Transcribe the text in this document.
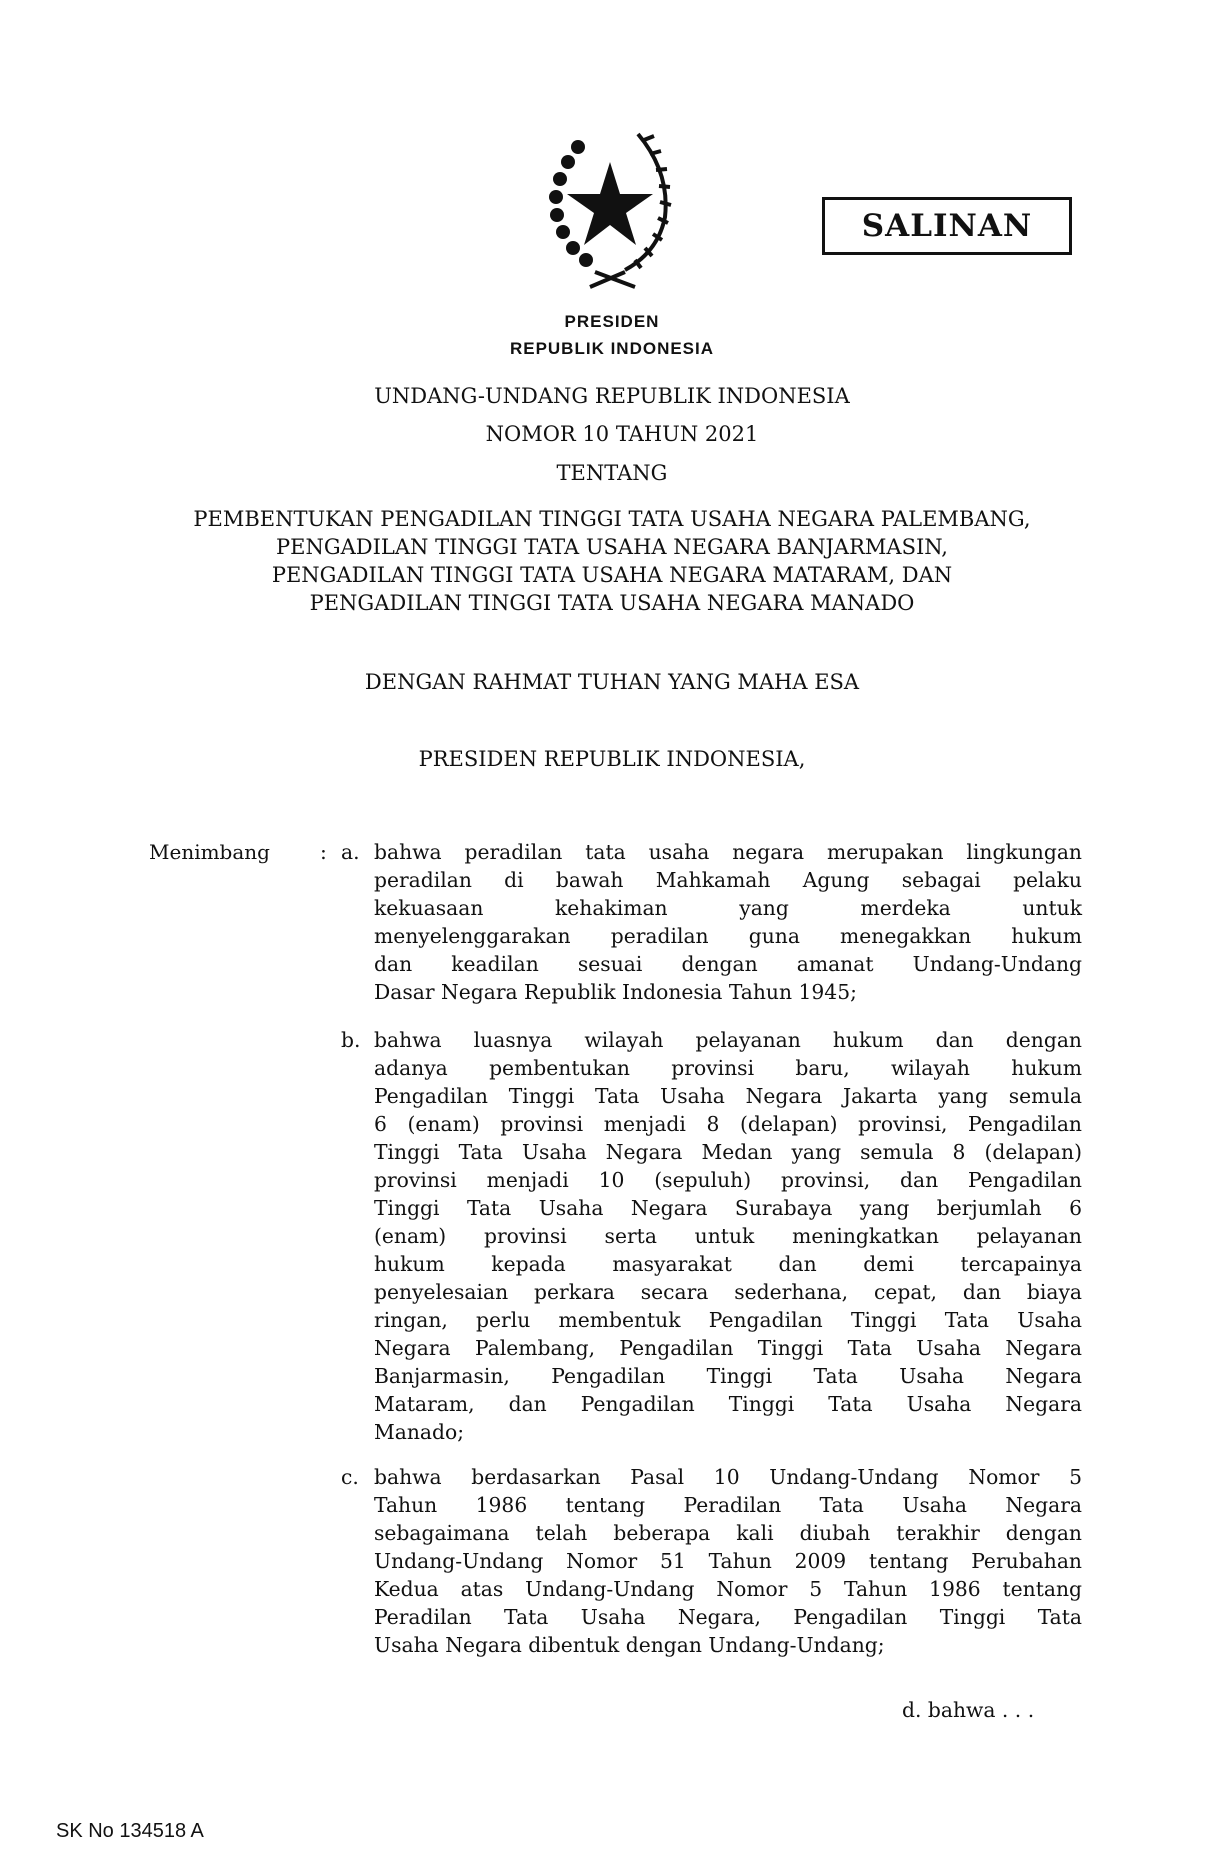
SALINAN
PRESIDEN
REPUBLIK INDONESIA
UNDANG-UNDANG REPUBLIK INDONESIA
NOMOR 10 TAHUN 2021
TENTANG
PEMBENTUKAN PENGADILAN TINGGI TATA USAHA NEGARA PALEMBANG,
PENGADILAN TINGGI TATA USAHA NEGARA BANJARMASIN,
PENGADILAN TINGGI TATA USAHA NEGARA MATARAM, DAN
PENGADILAN TINGGI TATA USAHA NEGARA MANADO
DENGAN RAHMAT TUHAN YANG MAHA ESA
PRESIDEN REPUBLIK INDONESIA,
Menimbang : a. bahwa peradilan tata usaha negara merupakan lingkungan
peradilan di bawah Mahkamah Agung sebagai pelaku
kekuasaan kehakiman yang merdeka untuk
menyelenggarakan peradilan guna menegakkan hukum
dan keadilan sesuai dengan amanat Undang-Undang
Dasar Negara Republik Indonesia Tahun 1945;
b. bahwa luasnya wilayah pelayanan hukum dan dengan
adanya pembentukan provinsi baru, wilayah hukum
Pengadilan Tinggi Tata Usaha Negara Jakarta yang semula
6 (enam) provinsi menjadi 8 (delapan) provinsi, Pengadilan
Tinggi Tata Usaha Negara Medan yang semula 8 (delapan)
provinsi menjadi 10 (sepuluh) provinsi, dan Pengadilan
Tinggi Tata Usaha Negara Surabaya yang berjumlah 6
(enam) provinsi serta untuk meningkatkan pelayanan
hukum kepada masyarakat dan demi tercapainya
penyelesaian perkara secara sederhana, cepat, dan biaya
ringan, perlu membentuk Pengadilan Tinggi Tata Usaha
Negara Palembang, Pengadilan Tinggi Tata Usaha Negara
Banjarmasin, Pengadilan Tinggi Tata Usaha Negara
Mataram, dan Pengadilan Tinggi Tata Usaha Negara
Manado;
c. bahwa berdasarkan Pasal 10 Undang-Undang Nomor 5
Tahun 1986 tentang Peradilan Tata Usaha Negara
sebagaimana telah beberapa kali diubah terakhir dengan
Undang-Undang Nomor 51 Tahun 2009 tentang Perubahan
Kedua atas Undang-Undang Nomor 5 Tahun 1986 tentang
Peradilan Tata Usaha Negara, Pengadilan Tinggi Tata
Usaha Negara dibentuk dengan Undang-Undang;
d. bahwa . . .
SK No 134518 A
